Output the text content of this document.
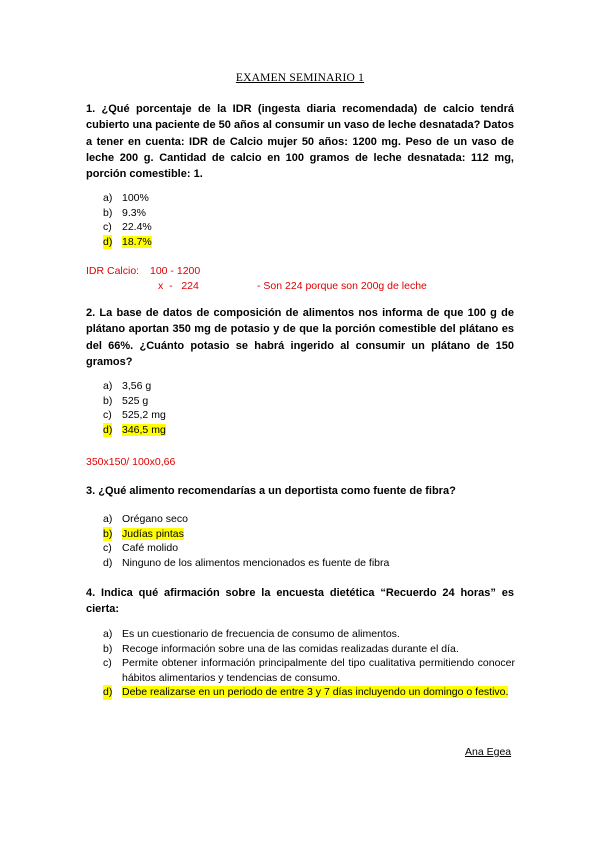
EXAMEN SEMINARIO 1
1. ¿Qué porcentaje de la IDR (ingesta diaria recomendada) de calcio tendrá cubierto una paciente de 50 años al consumir un vaso de leche desnatada? Datos a tener en cuenta: IDR de Calcio mujer 50 años: 1200 mg. Peso de un vaso de leche 200 g. Cantidad de calcio en 100 gramos de leche desnatada: 112 mg, porción comestible: 1.
a) 100%
b) 9.3%
c) 22.4%
d) 18.7%
IDR Calcio: 100 - 1200
x  -   224	- Son 224 porque son 200g de leche
2. La base de datos de composición de alimentos nos informa de que 100 g de plátano aportan 350 mg de potasio y de que la porción comestible del plátano es del 66%. ¿Cuánto potasio se habrá ingerido al consumir un plátano de 150 gramos?
a) 3,56 g
b) 525 g
c) 525,2 mg
d) 346,5 mg
350x150/ 100x0,66
3. ¿Qué alimento recomendarías a un deportista como fuente de fibra?
a) Orégano seco
b) Judías pintas
c) Café molido
d) Ninguno de los alimentos mencionados es fuente de fibra
4. Indica qué afirmación sobre la encuesta dietética “Recuerdo 24 horas” es cierta:
a) Es un cuestionario de frecuencia de consumo de alimentos.
b) Recoge información sobre una de las comidas realizadas durante el día.
c) Permite obtener información principalmente del tipo cualitativa permitiendo conocer hábitos alimentarios y tendencias de consumo.
d) Debe realizarse en un periodo de entre 3 y 7 días incluyendo un domingo o festivo.
Ana Egea
